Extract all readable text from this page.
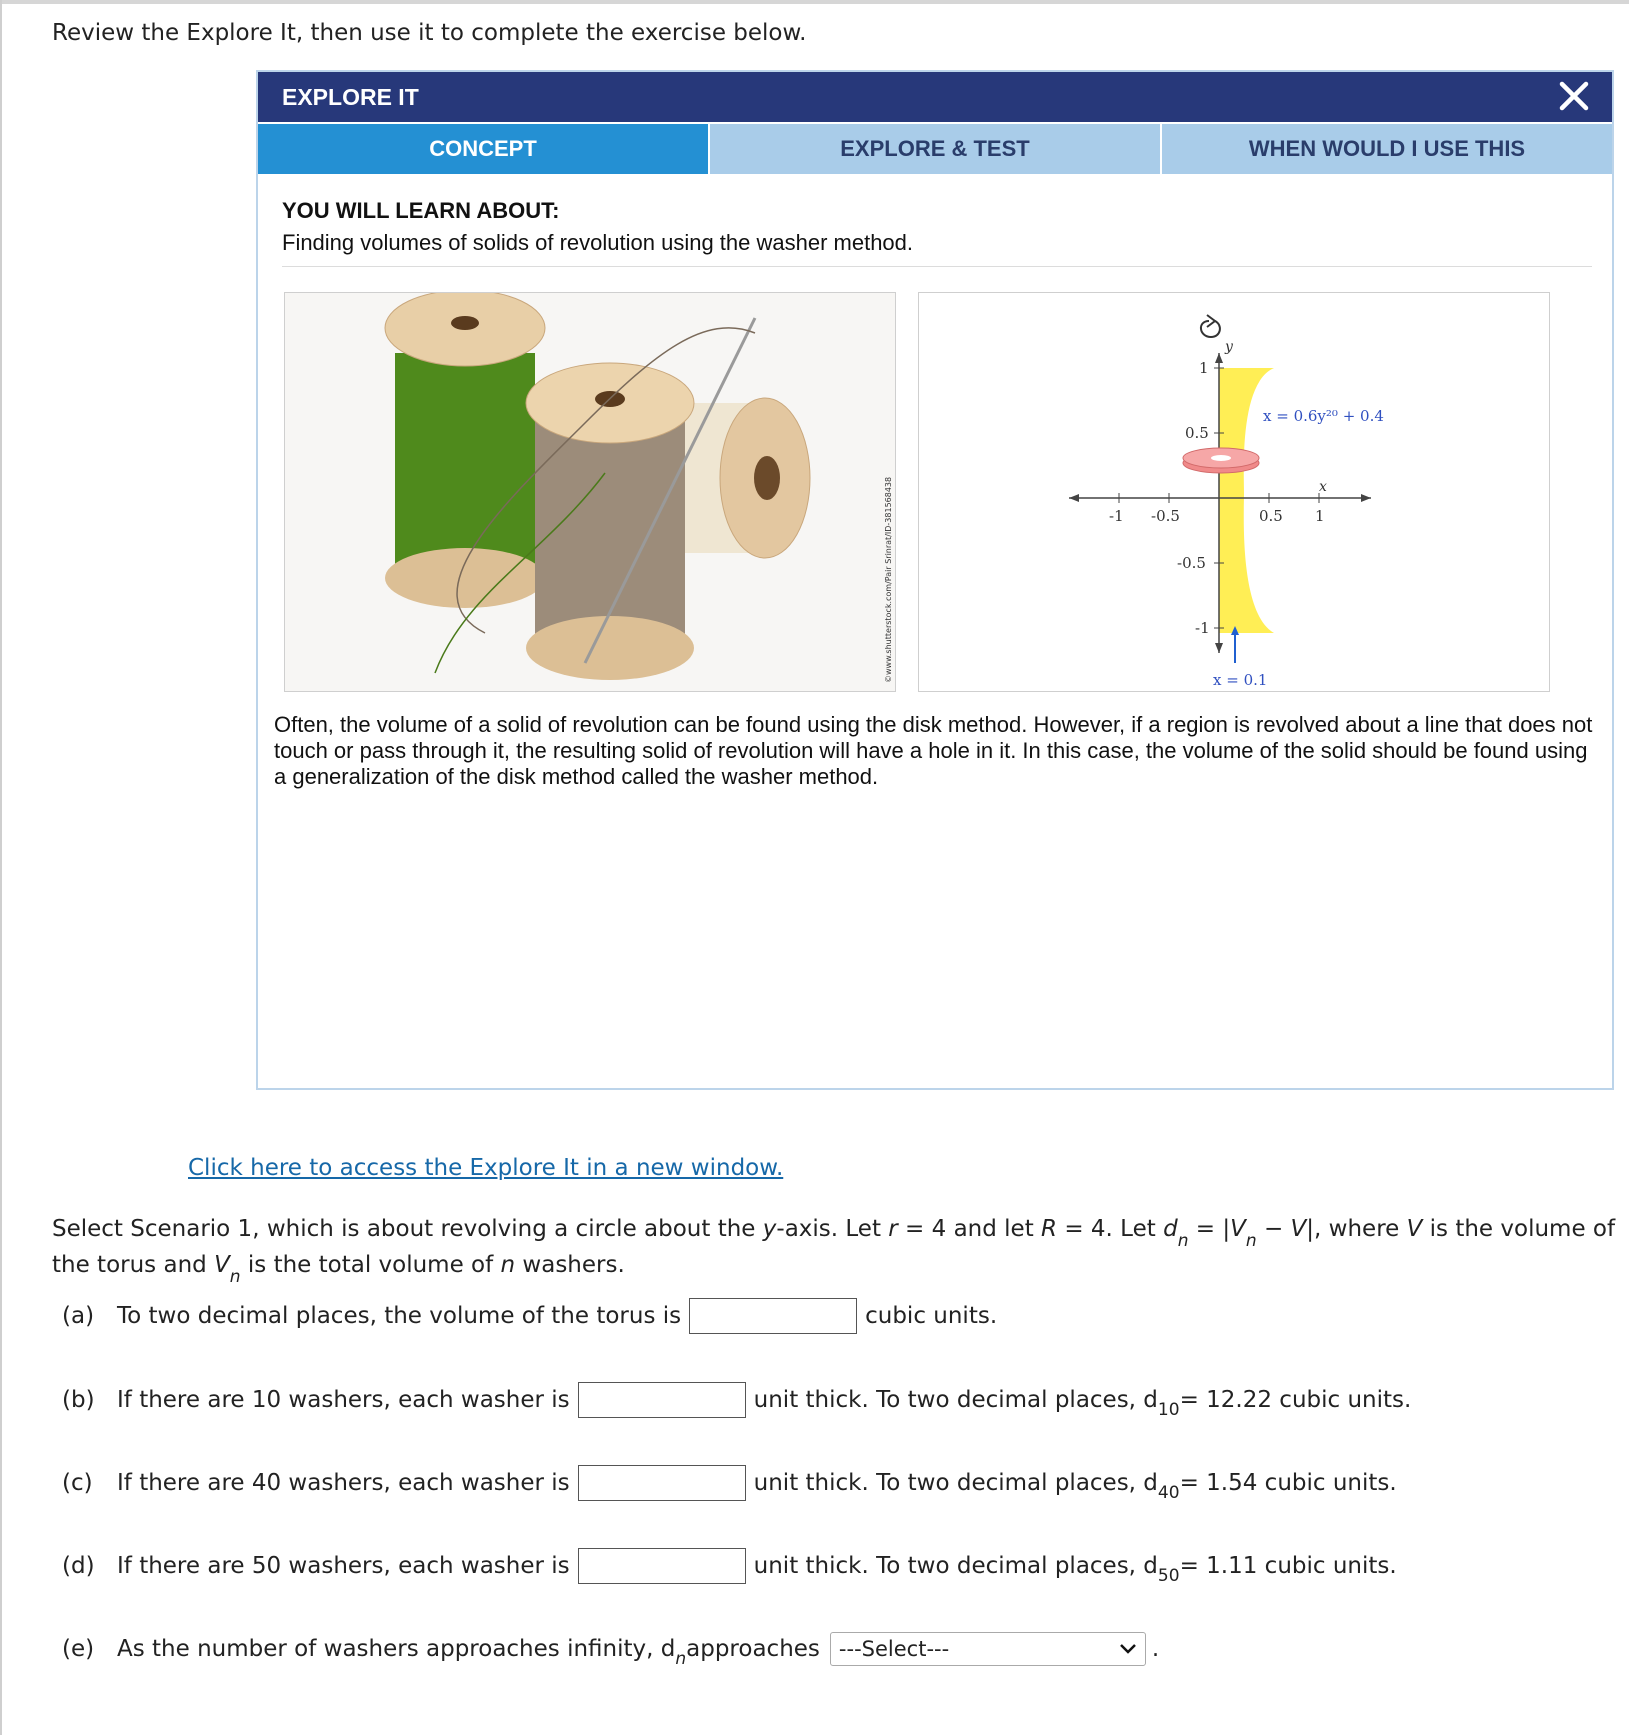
Review the Explore It, then use it to complete the exercise below.
EXPLORE IT
CONCEPT	EXPLORE & TEST	WHEN WOULD I USE THIS
YOU WILL LEARN ABOUT:
Finding volumes of solids of revolution using the washer method.
©www.shutterstock.com/Pair Srinrat/ID-381568438	-1 -0.5	0.5 1
1
0.5
-0.5
-1
y
x
x = 0.6y²⁰ + 0.4
x = 0.1
Often, the volume of a solid of revolution can be found using the disk method. However, if a region is revolved about a line that does not touch or pass through it, the resulting solid of revolution will have a hole in it. In this case, the volume of the solid should be found using a generalization of the disk method called the washer method.
Click here to access the Explore It in a new window.
Select Scenario 1, which is about revolving a circle about the y-axis. Let r = 4 and let R = 4. Let $d_n = |V_n - V|$, where V is the volume of the torus and $V_n$ is the total volume of n washers.
(a) To two decimal places, the volume of the torus is	cubic units.
(b) If there are 10 washers, each washer is	unit thick. To two decimal places, d 10 = 12.22 cubic units.
(c)	If there are 40 washers, each washer is	unit thick. To two decimal places, d 40 = 1.54 cubic units.
(d) If there are 50 washers, each washer is	unit thick. To two decimal places, d 50 = 1.11 cubic units.
(e) As the number of washers approaches infinity, d n approaches ---Select---	.
